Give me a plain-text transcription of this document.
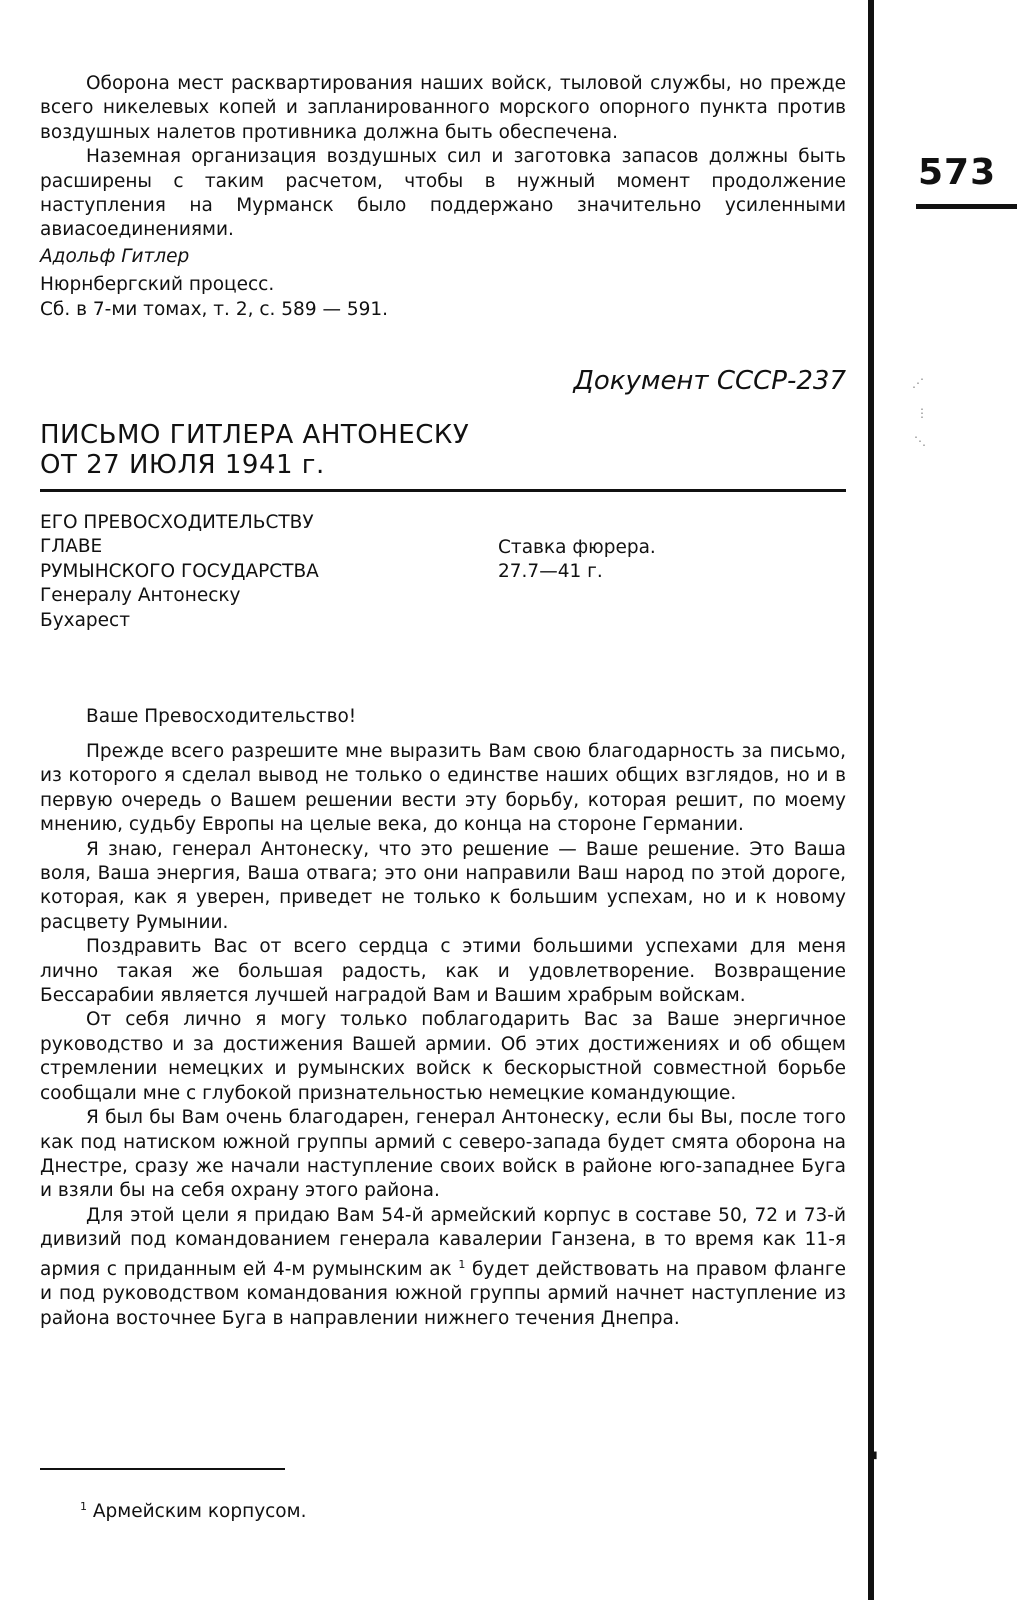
573

Оборона мест расквартирования наших войск, тыловой службы, но прежде всего никелевых копей и запланированного морского опорного пункта против воздушных налетов противника должна быть обеспечена.

Наземная организация воздушных сил и заготовка запасов должны быть расширены с таким расчетом, чтобы в нужный момент продолжение наступления на Мурманск было поддержано значительно усиленными авиасоединениями.

Адольф Гитлер

Нюрнбергский процесс.

Сб. в 7-ми томах, т. 2, с. 589 — 591.

Документ СССР-237
ПИСЬМО ГИТЛЕРА АНТОНЕСКУ
ОТ 27 ИЮЛЯ 1941 г.
ЕГО ПРЕВОСХОДИТЕЛЬСТВУ
ГЛАВЕ
РУМЫНСКОГО ГОСУДАРСТВА
Генералу Антонеску
Бухарест
Ставка фюрера.
27.7—41 г.
Ваше Превосходительство!

Прежде всего разрешите мне выразить Вам свою благодарность за письмо, из которого я сделал вывод не только о единстве наших общих взглядов, но и в первую очередь о Вашем решении вести эту борьбу, которая решит, по моему мнению, судьбу Европы на целые века, до конца на стороне Германии.

Я знаю, генерал Антонеску, что это решение — Ваше решение. Это Ваша воля, Ваша энергия, Ваша отвага; это они направили Ваш народ по этой дороге, которая, как я уверен, приведет не только к большим успехам, но и к новому расцвету Румынии.

Поздравить Вас от всего сердца с этими большими успехами для меня лично такая же большая радость, как и удовлетворение. Возвращение Бессарабии является лучшей наградой Вам и Вашим храбрым войскам.

От себя лично я могу только поблагодарить Вас за Ваше энергичное руководство и за достижения Вашей армии. Об этих достижениях и об общем стремлении немецких и румынских войск к бескорыстной совместной борьбе сообщали мне с глубокой признательностью немецкие командующие.

Я был бы Вам очень благодарен, генерал Антонеску, если бы Вы, после того как под натиском южной группы армий с северо-запада будет смята оборона на Днестре, сразу же начали наступление своих войск в районе юго-западнее Буга и взяли бы на себя охрану этого района.

Для этой цели я придаю Вам 54-й армейский корпус в составе 50, 72 и 73-й дивизий под командованием генерала кавалерии Ганзена, в то время как 11-я армия с приданным ей 4-м румынским ак $^1$ будет действовать на правом фланге и под руководством командования южной группы армий начнет наступление из района восточнее Буга в направлении нижнего течения Днепра.

$^1$ Армейским корпусом.
⋰
⋮
⋱
▮
